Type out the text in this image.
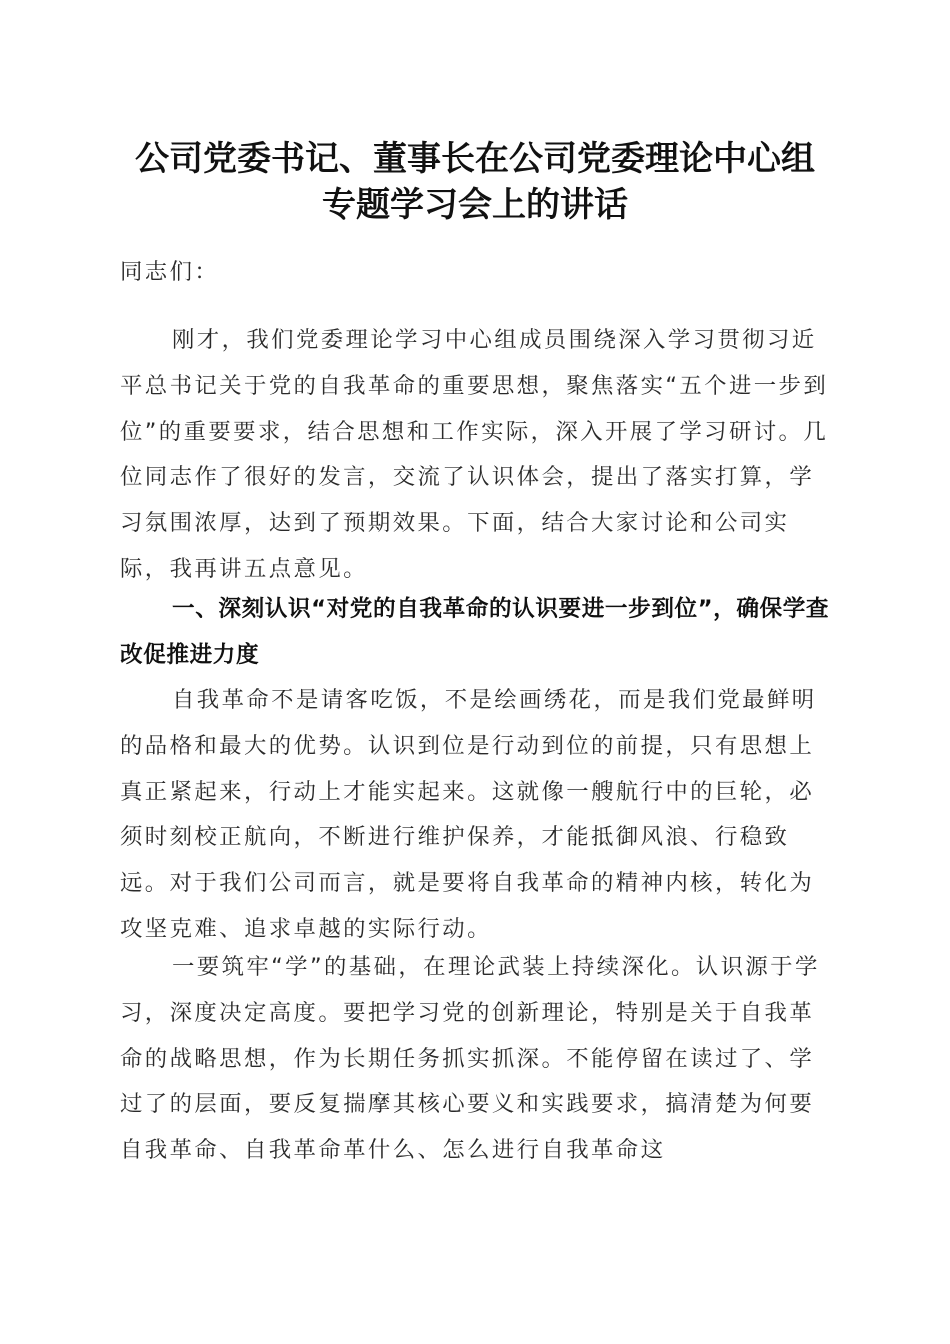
公司党委书记、董事长在公司党委理论中心组
专题学习会上的讲话

同志们：

刚才，我们党委理论学习中心组成员围绕深入学习贯彻习近平总书记关于党的自我革命的重要思想，聚焦落实“五个进一步到位”的重要要求，结合思想和工作实际，深入开展了学习研讨。几位同志作了很好的发言，交流了认识体会，提出了落实打算，学习氛围浓厚，达到了预期效果。下面，结合大家讨论和公司实际，我再讲五点意见。

一、深刻认识“对党的自我革命的认识要进一步到位”，确保学查改促推进力度

自我革命不是请客吃饭，不是绘画绣花，而是我们党最鲜明的品格和最大的优势。认识到位是行动到位的前提，只有思想上真正紧起来，行动上才能实起来。这就像一艘航行中的巨轮，必须时刻校正航向，不断进行维护保养，才能抵御风浪、行稳致远。对于我们公司而言，就是要将自我革命的精神内核，转化为攻坚克难、追求卓越的实际行动。

一要筑牢“学”的基础，在理论武装上持续深化。认识源于学习，深度决定高度。要把学习党的创新理论，特别是关于自我革命的战略思想，作为长期任务抓实抓深。不能停留在读过了、学过了的层面，要反复揣摩其核心要义和实践要求，搞清楚为何要自我革命、自我革命革什么、怎么进行自我革命这
